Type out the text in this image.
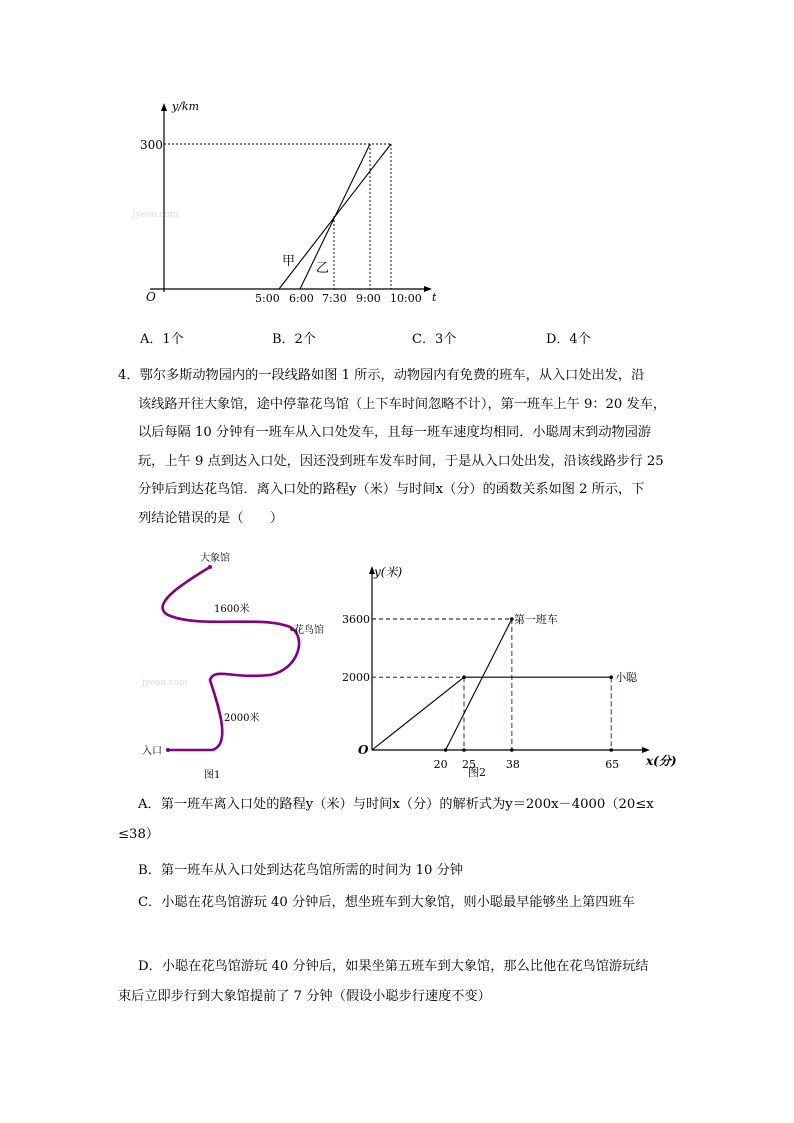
Jyeoo.com
y/km
t
O
300
甲 乙
5:00 6:00 7:30 9:00 10:00
A．1个	B．2个	C．3个	D．4个

4．鄂尔多斯动物园内的一段线路如图 1 所示，动物园内有免费的班车，从入口处出发，沿

该线路开往大象馆，途中停靠花鸟馆（上下车时间忽略不计），第一班车上午 9：20 发车，

以后每隔 10 分钟有一班车从入口处发车，且每一班车速度均相同．小聪周末到动物园游

玩，上午 9 点到达入口处，因还没到班车发车时间，于是从入口处出发，沿该线路步行 25

分钟后到达花鸟馆．离入口处的路程y（米）与时间x（分）的函数关系如图 2 所示，下

列结论错误的是（　　）

jyeoo.com
大象馆
1600米
花鸟馆
2000米
入口
图1
y(米)
x(分)
O
2000
3600
20 25	38	65
第一班车
小聪
图2
A．第一班车离入口处的路程y（米）与时间x（分）的解析式为y＝200x－4000（20≤x
≤38）
B．第一班车从入口处到达花鸟馆所需的时间为 10 分钟
C．小聪在花鸟馆游玩 40 分钟后，想坐班车到大象馆，则小聪最早能够坐上第四班车
D．小聪在花鸟馆游玩 40 分钟后，如果坐第五班车到大象馆，那么比他在花鸟馆游玩结
束后立即步行到大象馆提前了 7 分钟（假设小聪步行速度不变）
